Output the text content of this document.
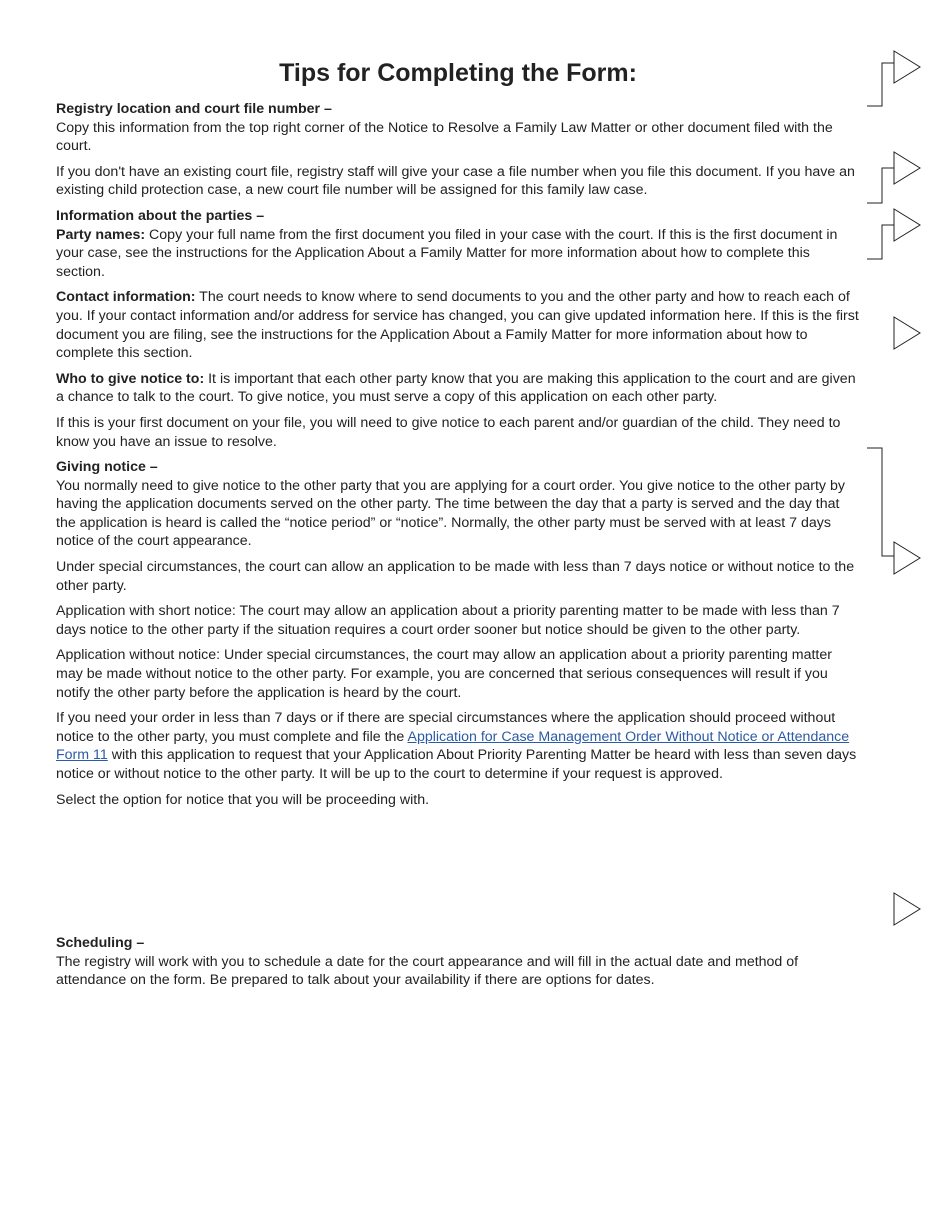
Tips for Completing the Form:

Registry location and court file number –

Copy this information from the top right corner of the Notice to Resolve a Family Law Matter or other document filed with the court.

If you don't have an existing court file, registry staff will give your case a file number when you file this document. If you have an existing child protection case, a new court file number will be assigned for this family law case.

Information about the parties –

Party names: Copy your full name from the first document you filed in your case with the court. If this is the first document in your case, see the instructions for the Application About a Family Matter for more information about how to complete this section.

Contact information: The court needs to know where to send documents to you and the other party and how to reach each of you. If your contact information and/or address for service has changed, you can give updated information here. If this is the first document you are filing, see the instructions for the Application About a Family Matter for more information about how to complete this section.

Who to give notice to: It is important that each other party know that you are making this application to the court and are given a chance to talk to the court. To give notice, you must serve a copy of this application on each other party.

If this is your first document on your file, you will need to give notice to each parent and/or guardian of the child. They need to know you have an issue to resolve.

Giving notice –

You normally need to give notice to the other party that you are applying for a court order. You give notice to the other party by having the application documents served on the other party. The time between the day that a party is served and the day that the application is heard is called the “notice period” or “notice”. Normally, the other party must be served with at least 7 days notice of the court appearance.

Under special circumstances, the court can allow an application to be made with less than 7 days notice or without notice to the other party.

Application with short notice: The court may allow an application about a priority parenting matter to be made with less than 7 days notice to the other party if the situation requires a court order sooner but notice should be given to the other party.

Application without notice: Under special circumstances, the court may allow an application about a priority parenting matter may be made without notice to the other party. For example, you are concerned that serious consequences will result if you notify the other party before the application is heard by the court.

If you need your order in less than 7 days or if there are special circumstances where the application should proceed without notice to the other party, you must complete and file the Application for Case Management Order Without Notice or Attendance Form 11 with this application to request that your Application About Priority Parenting Matter be heard with less than seven days notice or without notice to the other party. It will be up to the court to determine if your request is approved.

Select the option for notice that you will be proceeding with.

Scheduling –

The registry will work with you to schedule a date for the court appearance and will fill in the actual date and method of attendance on the form. Be prepared to talk about your availability if there are options for dates.
